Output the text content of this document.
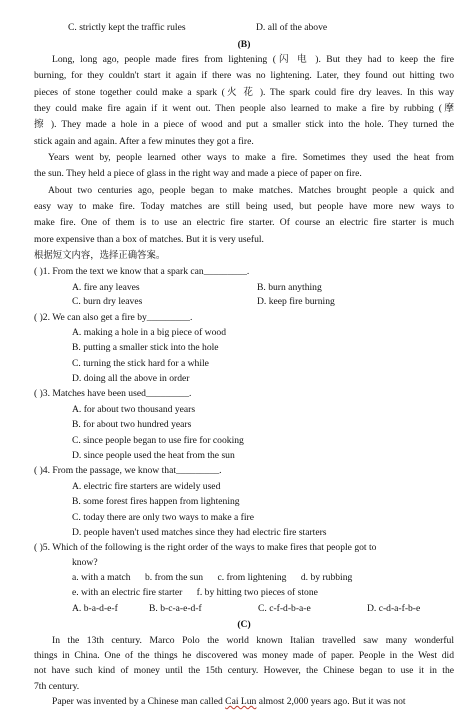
C. strictly kept the traffic rules	D. all of the above
(B)
Long, long ago, people made fires from lightening (闪 电 ). But they had to keep the fire
burning, for they couldn't start it again if there was no lightening. Later, they found out hitting two
pieces of stone together could make a spark (火 花 ). The spark could fire dry leaves. In this way
they could make fire again if it went out. Then people also learned to make a fire by rubbing (摩
擦 ). They made a hole in a piece of wood and put a smaller stick into the hole. They turned the
stick again and again. After a few minutes they got a fire.
Years went by, people learned other ways to make a fire. Sometimes they used the heat from
the sun. They held a piece of glass in the right way and made a piece of paper on fire.
About two centuries ago, people began to make matches. Matches brought people a quick and
easy way to make fire. Today matches are still being used, but people have more new ways to
make fire. One of them is to use an electric fire starter. Of course an electric fire starter is much
more expensive than a box of matches. But it is very useful.
根据短文内容，选择正确答案。
( )1. From the text we know that a spark can_________.
A. fire any leaves	B. burn anything
C. burn dry leaves	D. keep fire burning
( )2. We can also get a fire by_________.
A. making a hole in a big piece of wood
B. putting a smaller stick into the hole
C. turning the stick hard for a while
D. doing all the above in order
( )3. Matches have been used_________.
A. for about two thousand years
B. for about two hundred years
C. since people began to use fire for cooking
D. since people used the heat from the sun
( )4. From the passage, we know that_________.
A. electric fire starters are widely used
B. some forest fires happen from lightening
C. today there are only two ways to make a fire
D. people haven't used matches since they had electric fire starters
( )5. Which of the following is the right order of the ways to make fires that people got to
know?
a. with a match      b. from the sun      c. from lightening      d. by rubbing
e. with an electric fire starter      f. by hitting two pieces of stone
A. b-a-d-e-f	B. b-c-a-e-d-f	C. c-f-d-b-a-e	D. c-d-a-f-b-e
(C)
In the 13th century. Marco Polo the world known Italian travelled saw many wonderful
things in China. One of the things he discovered was money made of paper. People in the West did
not have such kind of money until the 15th century. However, the Chinese began to use it in the
7th century.
Paper was invented by a Chinese man called Cai Lun almost 2,000 years ago. But it was not
